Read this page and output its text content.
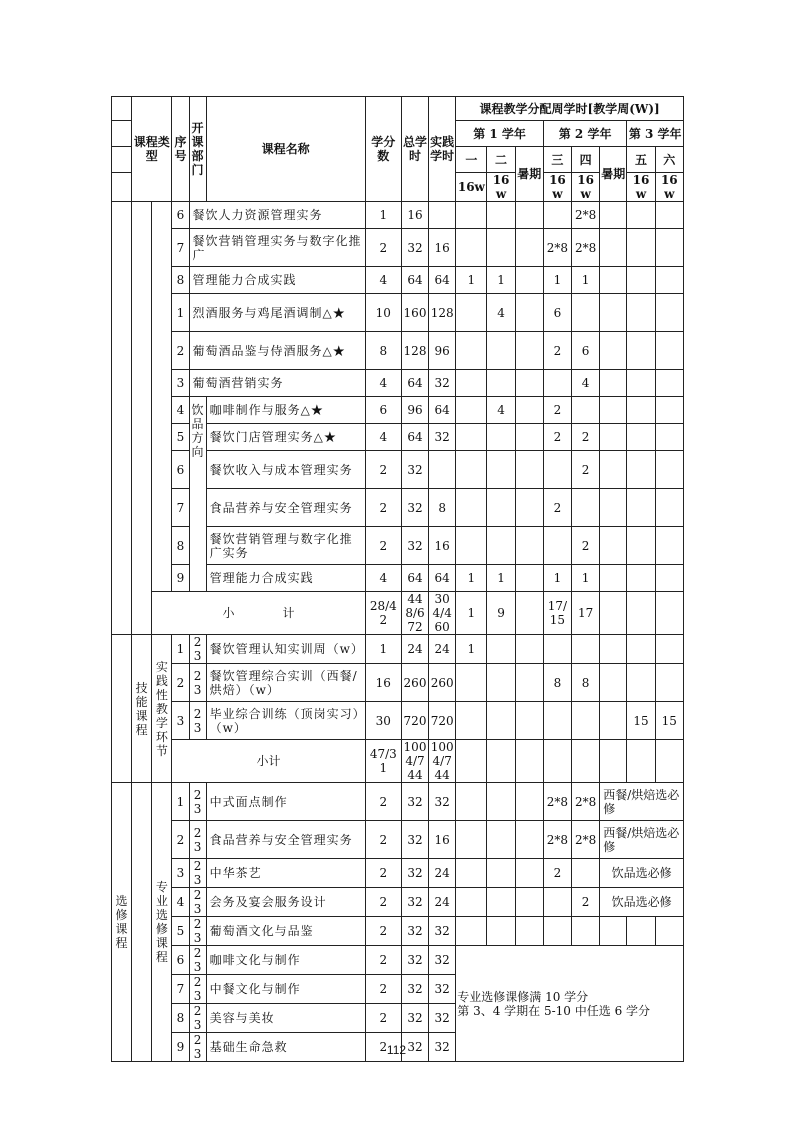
	课程类型		序号	开课部门	课程名称	学分数	总学时	实践学时	课程教学分配周学时[教学周(W)]							
									第 1 学年			第 2 学年			第 3 学年	
									一	二	暑期	三	四	暑期	五	六
									16w	16w		16w	16w		16w	16w
			6	餐饮人力资源管理实务		1	16						2*8			
			7	餐饮营销管理实务与数字化推广		2	32	16				2*8	2*8			
			8	管理能力合成实践		4	64	64	1	1		1	1			
			1	烈酒服务与鸡尾酒调制△★		10	160	128		4		6				
			2	葡萄酒品鉴与侍酒服务△★		8	128	96				2	6			
			3	葡萄酒营销实务		4	64	32					4			
			4	饮品方向	咖啡制作与服务△★	6	96	64		4		2				
			5		餐饮门店管理实务△★	4	64	32				2	2			
			6		餐饮收入与成本管理实务	2	32						2			
			7		食品营养与安全管理实务	2	32	8				2				
			8		餐饮营销管理与数字化推广实务	2	32	16					2			
			9		管理能力合成实践	4	64	64	1	1		1	1			
		小　　　　计				28/42	448/672	304/460	1	9		17/15	17			
	技能课程	实践性教学环节	1	23	餐饮管理认知实训周（w）	1	24	24	1							
			2	23	餐饮管理综合实训（西餐/烘焙）（w）	16	260	260				8	8			
			3	23	毕业综合训练（顶岗实习）（w）	30	720	720							15	15
			小计			47/31	1004/744	1004/744								
选修课程		专业选修课程	1	23	中式面点制作	2	32	32				2*8	2*8	西餐/烘焙选必修		
			2	23	食品营养与安全管理实务	2	32	16				2*8	2*8	西餐/烘焙选必修		
			3	23	中华茶艺	2	32	24				2		饮品选必修		
			4	23	会务及宴会服务设计	2	32	24					2	饮品选必修		
			5	23	葡萄酒文化与品鉴	2	32	32								
			6	23	咖啡文化与制作	2	32	32	专业选修课修满 10 学分
第 3、4 学期在 5-10 中任选 6 学分							
			7	23	中餐文化与制作	2	32	32								
			8	23	美容与美妆	2	32	32								
			9	23	基础生命急救	2	32	32								
112
